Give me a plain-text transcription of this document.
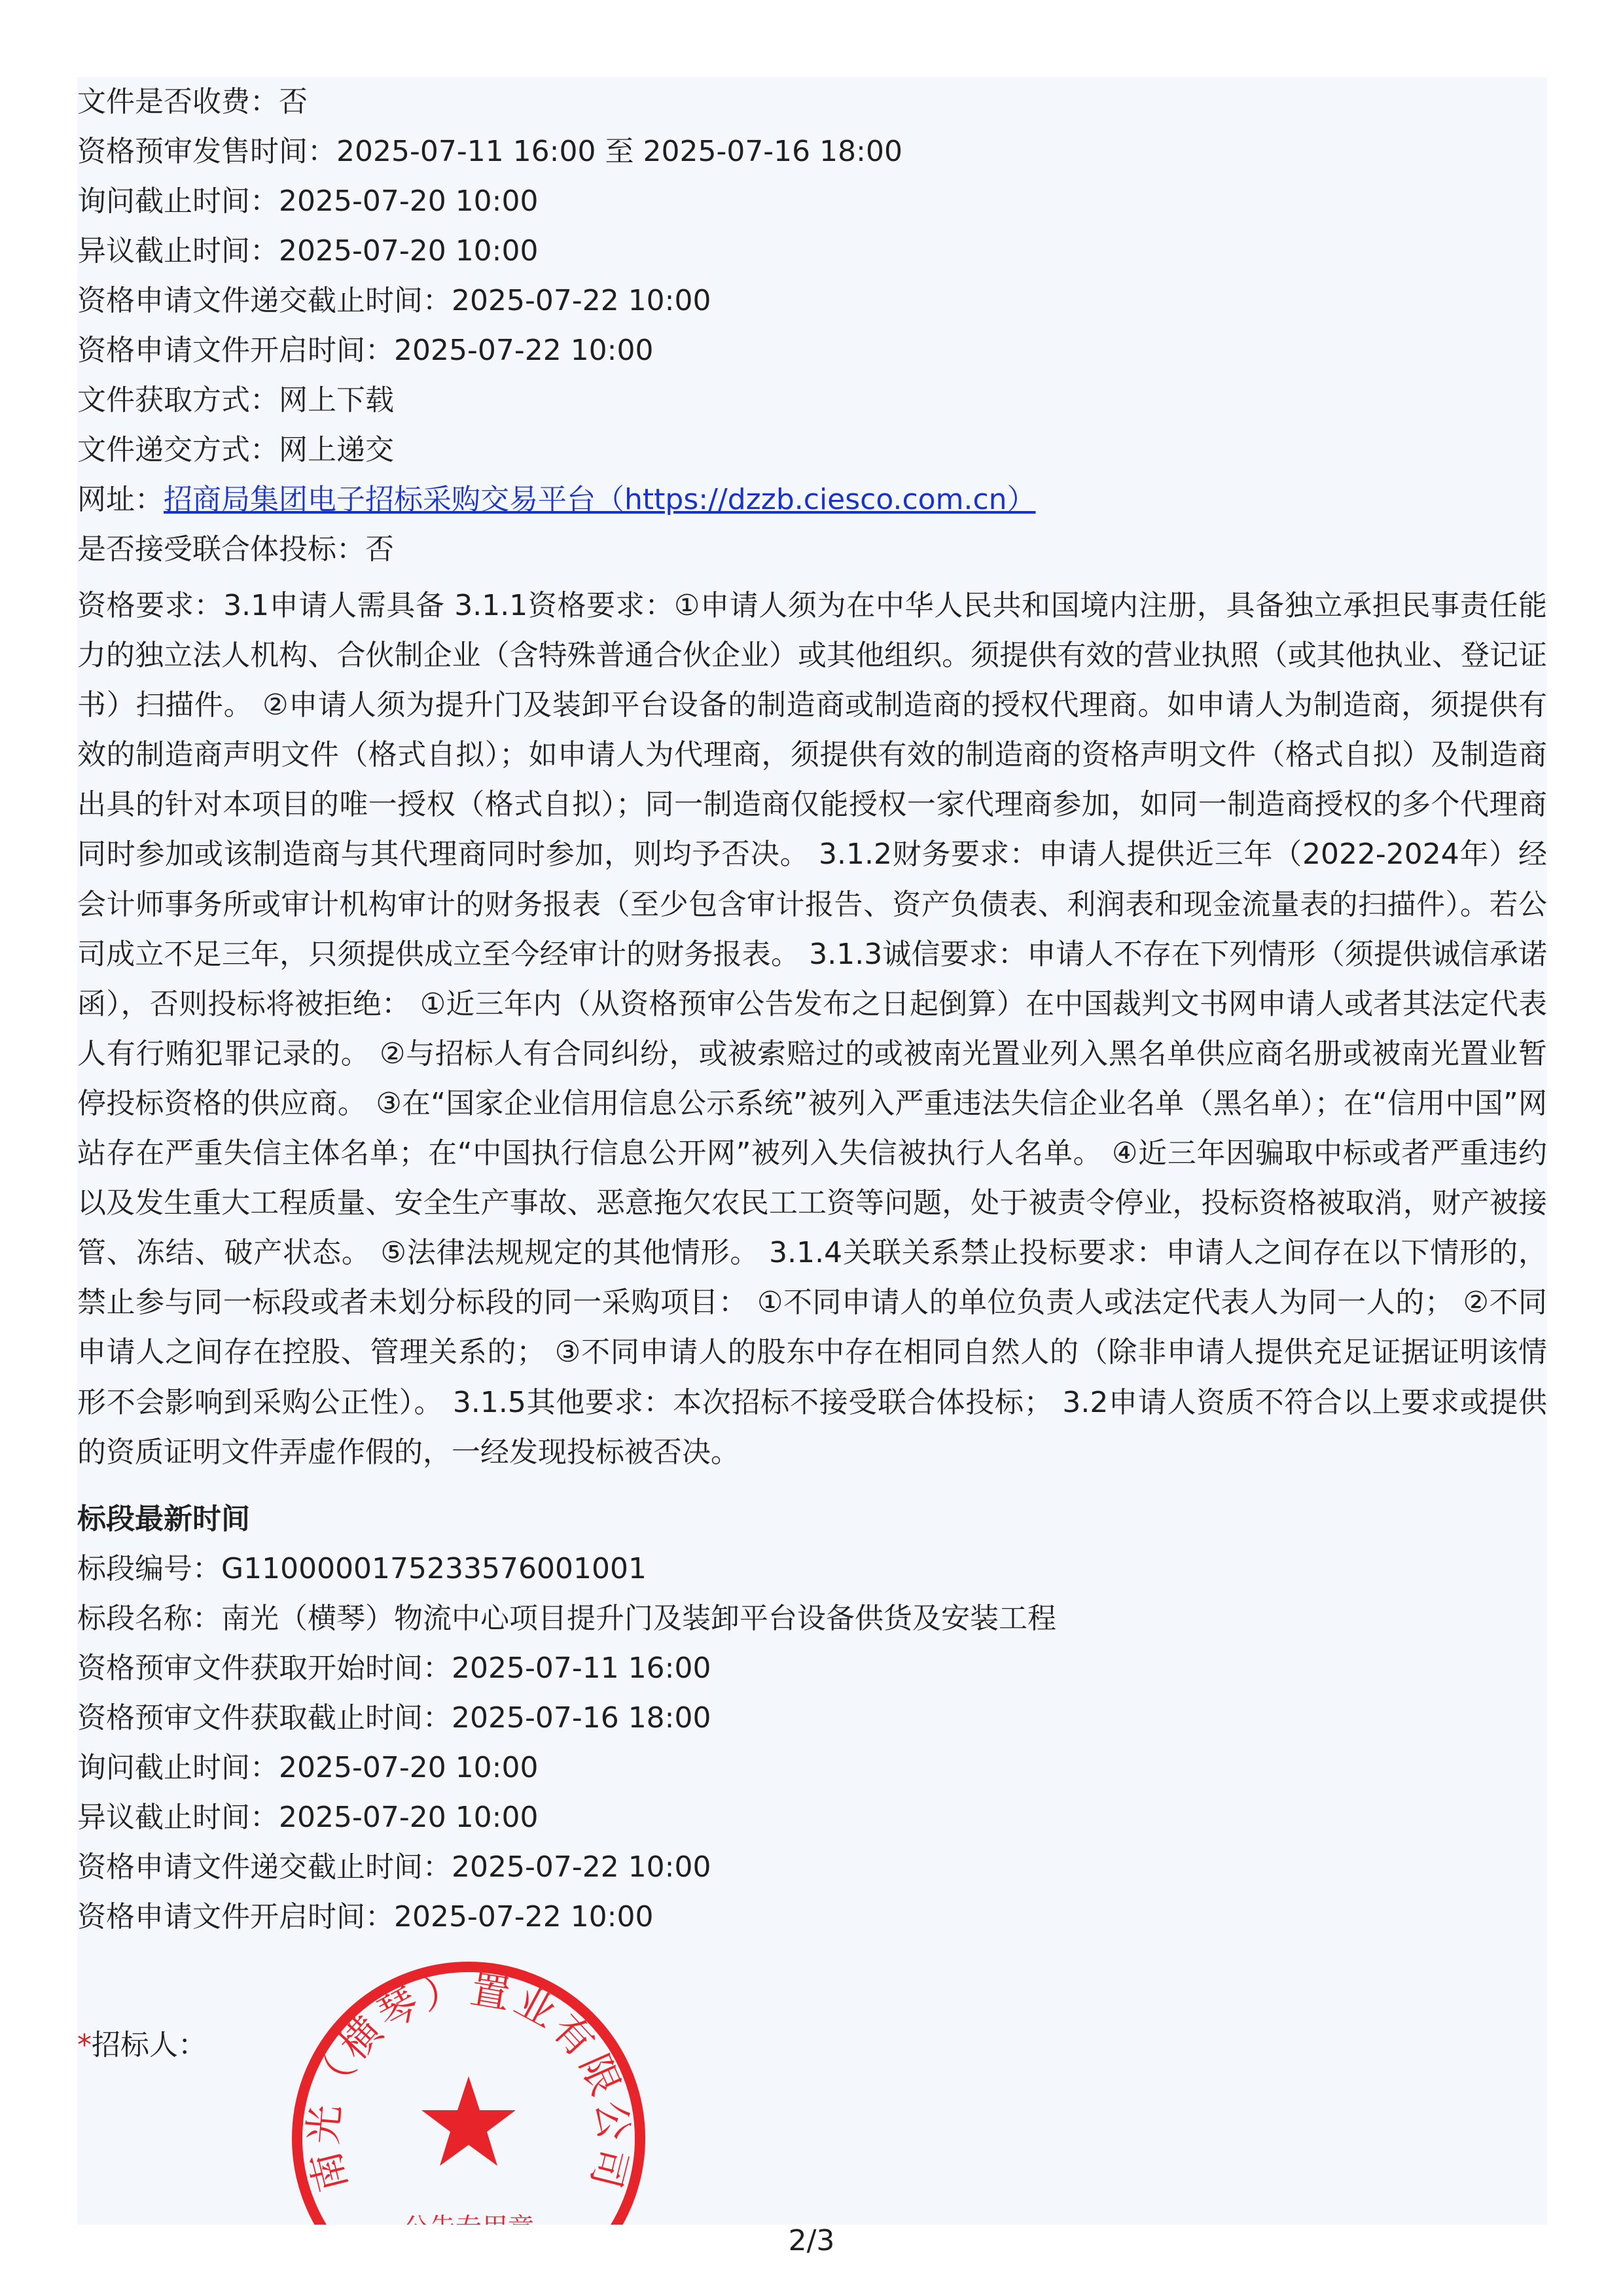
文件是否收费：否
资格预审发售时间：2025-07-11 16:00 至 2025-07-16 18:00
询问截止时间：2025-07-20 10:00
异议截止时间：2025-07-20 10:00
资格申请文件递交截止时间：2025-07-22 10:00
资格申请文件开启时间：2025-07-22 10:00
文件获取方式：网上下载
文件递交方式：网上递交
网址：招商局集团电子招标采购交易平台（https://dzzb.ciesco.com.cn）
是否接受联合体投标：否
资格要求：3.1申请人需具备 3.1.1资格要求：①申请人须为在中华人民共和国境内注册，具备独立承担民事责任能力的独立法人机构、合伙制企业（含特殊普通合伙企业）或其他组织。须提供有效的营业执照（或其他执业、登记证书）扫描件。 ②申请人须为提升门及装卸平台设备的制造商或制造商的授权代理商。如申请人为制造商，须提供有效的制造商声明文件（格式自拟）；如申请人为代理商，须提供有效的制造商的资格声明文件（格式自拟）及制造商出具的针对本项目的唯一授权（格式自拟）；同一制造商仅能授权一家代理商参加，如同一制造商授权的多个代理商同时参加或该制造商与其代理商同时参加，则均予否决。 3.1.2财务要求：申请人提供近三年（2022-2024年）经会计师事务所或审计机构审计的财务报表（至少包含审计报告、资产负债表、利润表和现金流量表的扫描件）。若公司成立不足三年，只须提供成立至今经审计的财务报表。 3.1.3诚信要求：申请人不存在下列情形（须提供诚信承诺函），否则投标将被拒绝： ①近三年内（从资格预审公告发布之日起倒算）在中国裁判文书网申请人或者其法定代表人有行贿犯罪记录的。 ②与招标人有合同纠纷，或被索赔过的或被南光置业列入黑名单供应商名册或被南光置业暂停投标资格的供应商。 ③在“国家企业信用信息公示系统”被列入严重违法失信企业名单（黑名单）；在“信用中国”网站存在严重失信主体名单；在“中国执行信息公开网”被列入失信被执行人名单。 ④近三年因骗取中标或者严重违约以及发生重大工程质量、安全生产事故、恶意拖欠农民工工资等问题，处于被责令停业，投标资格被取消，财产被接管、冻结、破产状态。 ⑤法律法规规定的其他情形。 3.1.4关联关系禁止投标要求：申请人之间存在以下情形的，禁止参与同一标段或者未划分标段的同一采购项目： ①不同申请人的单位负责人或法定代表人为同一人的； ②不同申请人之间存在控股、管理关系的； ③不同申请人的股东中存在相同自然人的（除非申请人提供充足证据证明该情形不会影响到采购公正性）。 3.1.5其他要求：本次招标不接受联合体投标； 3.2申请人资质不符合以上要求或提供的资质证明文件弄虚作假的，一经发现投标被否决。
标段最新时间
标段编号：G1100000175233576001001
标段名称：南光（横琴）物流中心项目提升门及装卸平台设备供货及安装工程
资格预审文件获取开始时间：2025-07-11 16:00
资格预审文件获取截止时间：2025-07-16 18:00
询问截止时间：2025-07-20 10:00
异议截止时间：2025-07-20 10:00
资格申请文件递交截止时间：2025-07-22 10:00
资格申请文件开启时间：2025-07-22 10:00
*招标人：
南光（横琴）置业有限公司
公告专用章	2/3
